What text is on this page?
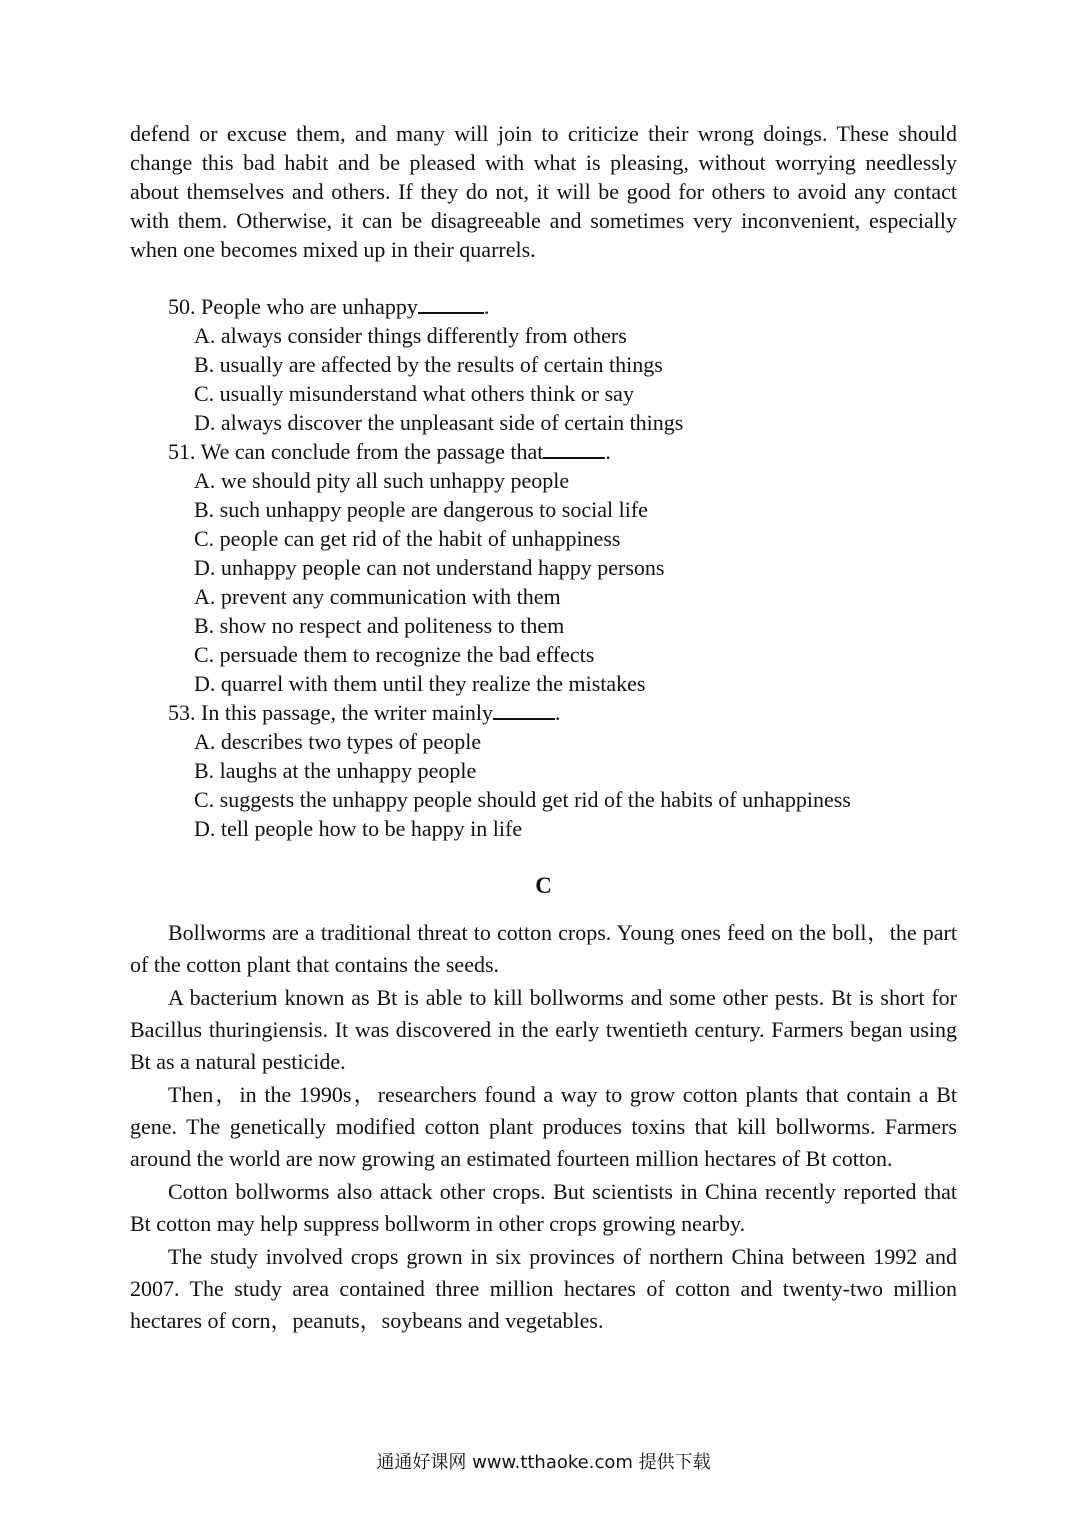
defend or excuse them, and many will join to criticize their wrong doings. These should change this bad habit and be pleased with what is pleasing, without worrying needlessly about themselves and others. If they do not, it will be good for others to avoid any contact with them. Otherwise, it can be disagreeable and sometimes very inconvenient, especially when one becomes mixed up in their quarrels.

50. People who are unhappy	.

A. always consider things differently from others

B. usually are affected by the results of certain things

C. usually misunderstand what others think or say

D. always discover the unpleasant side of certain things

51. We can conclude from the passage that	.

A. we should pity all such unhappy people

B. such unhappy people are dangerous to social life

C. people can get rid of the habit of unhappiness

D. unhappy people can not understand happy persons

A. prevent any communication with them

B. show no respect and politeness to them

C. persuade them to recognize the bad effects

D. quarrel with them until they realize the mistakes

53. In this passage, the writer mainly	.

A. describes two types of people

B. laughs at the unhappy people

C. suggests the unhappy people should get rid of the habits of unhappiness

D. tell people how to be happy in life

C

Bollworms are a traditional threat to cotton crops. Young ones feed on the boll，the part of the cotton plant that contains the seeds.

A bacterium known as Bt is able to kill bollworms and some other pests. Bt is short for Bacillus thuringiensis. It was discovered in the early twentieth century. Farmers began using Bt as a natural pesticide.

Then，in the 1990s，researchers found a way to grow cotton plants that contain a Bt gene. The genetically modified cotton plant produces toxins that kill bollworms. Farmers around the world are now growing an estimated fourteen million hectares of Bt cotton.

Cotton bollworms also attack other crops. But scientists in China recently reported that Bt cotton may help suppress bollworm in other crops growing nearby.

The study involved crops grown in six provinces of northern China between 1992 and 2007. The study area contained three million hectares of cotton and twenty-two million hectares of corn，peanuts，soybeans and vegetables.

通通好课网 www.tthaoke.com 提供下载
